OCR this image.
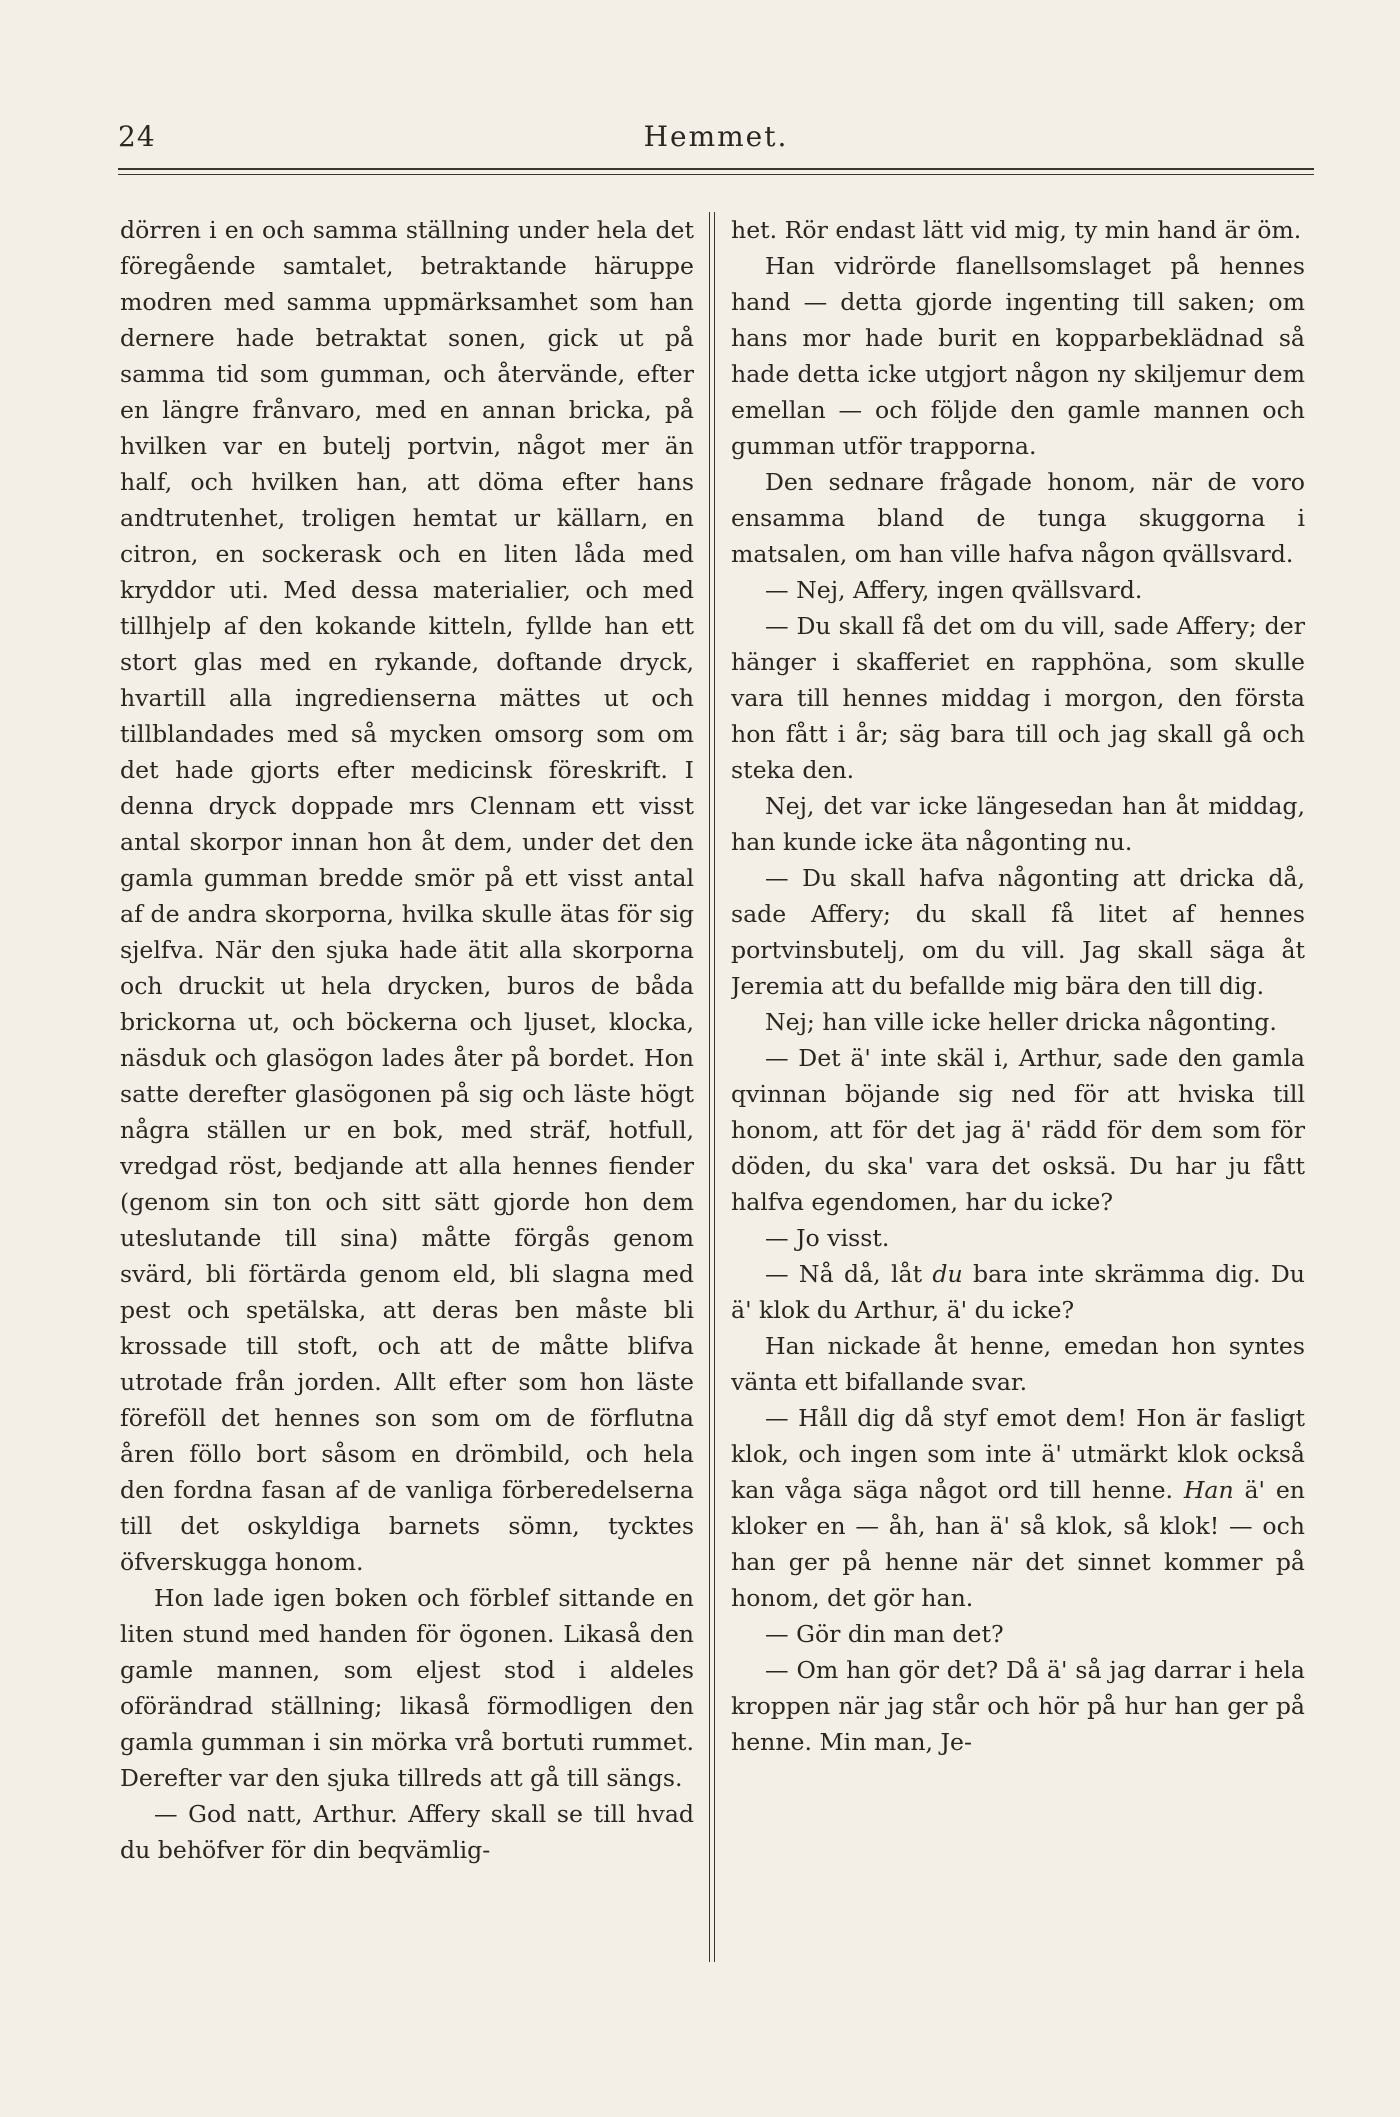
24	Hemmet.

dörren i en och samma ställning under hela det föregående samtalet, betraktande häruppe modren med samma uppmärksamhet som han dernere hade betraktat sonen, gick ut på samma tid som gumman, och återvände, efter en längre frånvaro, med en annan bricka, på hvilken var en butelj portvin, något mer än half, och hvilken han, att döma efter hans andtrutenhet, troligen hemtat ur källarn, en citron, en sockerask och en liten låda med kryddor uti. Med dessa materialier, och med tillhjelp af den kokande kitteln, fyllde han ett stort glas med en rykande, doftande dryck, hvartill alla ingredienserna mättes ut och tillblandades med så mycken omsorg som om det hade gjorts efter medicinsk föreskrift. I denna dryck doppade mrs Clennam ett visst antal skorpor innan hon åt dem, under det den gamla gumman bredde smör på ett visst antal af de andra skorporna, hvilka skulle ätas för sig sjelfva. När den sjuka hade ätit alla skorporna och druckit ut hela drycken, buros de båda brickorna ut, och böckerna och ljuset, klocka, näsduk och glasögon lades åter på bordet. Hon satte derefter glasögonen på sig och läste högt några ställen ur en bok, med sträf, hotfull, vredgad röst, bedjande att alla hennes fiender (genom sin ton och sitt sätt gjorde hon dem uteslutande till sina) måtte förgås genom svärd, bli förtärda genom eld, bli slagna med pest och spetälska, att deras ben måste bli krossade till stoft, och att de måtte blifva utrotade från jorden. Allt efter som hon läste föreföll det hennes son som om de förflutna åren föllo bort såsom en drömbild, och hela den fordna fasan af de vanliga förberedelserna till det oskyldiga barnets sömn, tycktes öfverskugga honom.

Hon lade igen boken och förblef sittande en liten stund med handen för ögonen. Likaså den gamle mannen, som eljest stod i aldeles oförändrad ställning; likaså förmodligen den gamla gumman i sin mörka vrå bortuti rummet. Derefter var den sjuka tillreds att gå till sängs.

— God natt, Arthur. Affery skall se till hvad du behöfver för din beqvämlig-

het. Rör endast lätt vid mig, ty min hand är öm.

Han vidrörde flanellsomslaget på hennes hand — detta gjorde ingenting till saken; om hans mor hade burit en kopparbeklädnad så hade detta icke utgjort någon ny skiljemur dem emellan — och följde den gamle mannen och gumman utför trapporna.

Den sednare frågade honom, när de voro ensamma bland de tunga skuggorna i matsalen, om han ville hafva någon qvällsvard.

— Nej, Affery, ingen qvällsvard.

— Du skall få det om du vill, sade Affery; der hänger i skafferiet en rapphöna, som skulle vara till hennes middag i morgon, den första hon fått i år; säg bara till och jag skall gå och steka den.

Nej, det var icke längesedan han åt middag, han kunde icke äta någonting nu.

— Du skall hafva någonting att dricka då, sade Affery; du skall få litet af hennes portvinsbutelj, om du vill. Jag skall säga åt Jeremia att du befallde mig bära den till dig.

Nej; han ville icke heller dricka någonting.

— Det ä' inte skäl i, Arthur, sade den gamla qvinnan böjande sig ned för att hviska till honom, att för det jag ä' rädd för dem som för döden, du ska' vara det osksä. Du har ju fått halfva egendomen, har du icke?

— Jo visst.

— Nå då, låt du bara inte skrämma dig. Du ä' klok du Arthur, ä' du icke?

Han nickade åt henne, emedan hon syntes vänta ett bifallande svar.

— Håll dig då styf emot dem! Hon är fasligt klok, och ingen som inte ä' utmärkt klok också kan våga säga något ord till henne. Han ä' en kloker en — åh, han ä' så klok, så klok! — och han ger på henne när det sinnet kommer på honom, det gör han.

— Gör din man det?

— Om han gör det? Då ä' så jag darrar i hela kroppen när jag står och hör på hur han ger på henne. Min man, Je-
